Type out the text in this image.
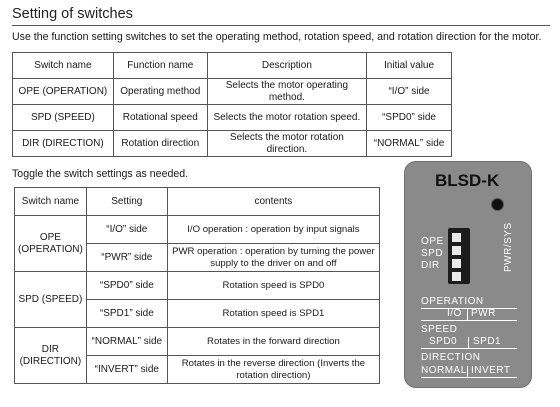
Setting of switches
Use the function setting switches to set the operating method, rotation speed, and rotation direction for the motor.
Switch name	Function name	Description	Initial value
OPE (OPERATION)	Operating method	Selects the motor operating method.	“I/O” side
SPD (SPEED)	Rotational speed	Selects the motor rotation speed.	“SPD0” side
DIR (DIRECTION)	Rotation direction	Selects the motor rotation direction.	“NORMAL” side
Toggle the switch settings as needed.
Switch name	Setting	contents
OPE (OPERATION)	“I/O” side	I/O operation : operation by input signals
	“PWR” side	PWR operation : operation by turning the power supply to the driver on and off
SPD (SPEED)	“SPD0” side	Rotation speed is SPD0
	“SPD1” side	Rotation speed is SPD1
DIR (DIRECTION)	“NORMAL” side	Rotates in the forward direction
	“INVERT” side	Rotates in the reverse direction (Inverts the rotation direction)
BLSD-K
PWR/SYS
OPE
SPD
DIR
OPERATION
I/O PWR
SPEED
SPD0 SPD1
DIRECTION
NORMAL INVERT
